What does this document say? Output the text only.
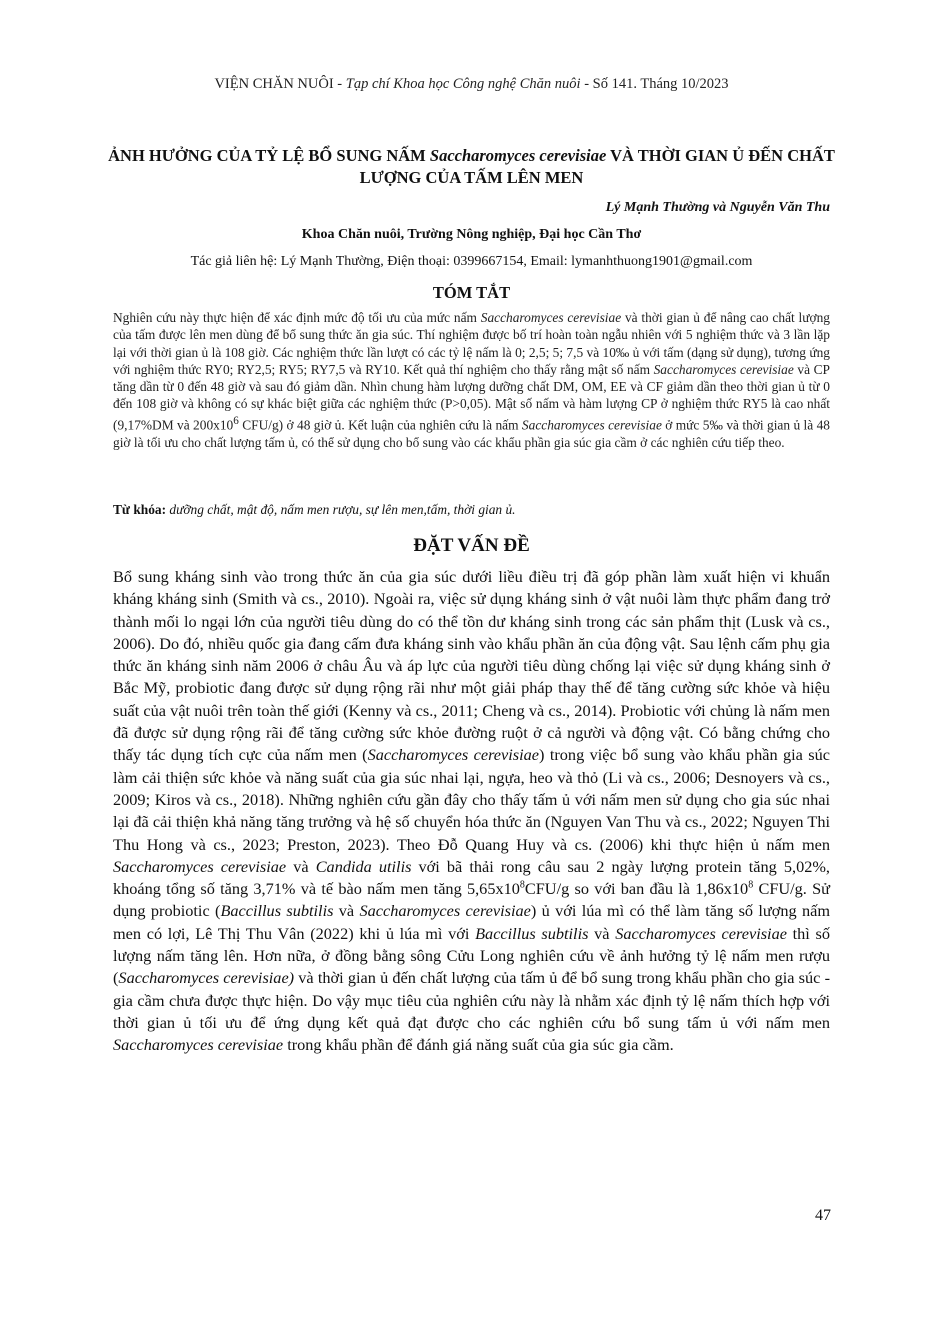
VIỆN CHĂN NUÔI - Tạp chí Khoa học Công nghệ Chăn nuôi - Số 141. Tháng 10/2023
ẢNH HƯỞNG CỦA TỶ LỆ BỔ SUNG NẤM Saccharomyces cerevisiae VÀ THỜI GIAN Ủ ĐẾN CHẤT LƯỢNG CỦA TẤM LÊN MEN
Lý Mạnh Thường và Nguyễn Văn Thu
Khoa Chăn nuôi, Trường Nông nghiệp, Đại học Cần Thơ
Tác giả liên hệ: Lý Mạnh Thường, Điện thoại: 0399667154, Email: lymanhthuong1901@gmail.com
TÓM TẮT

Nghiên cứu này thực hiện để xác định mức độ tối ưu của mức nấm Saccharomyces cerevisiae và thời gian ủ để nâng cao chất lượng của tấm được lên men dùng để bổ sung thức ăn gia súc. Thí nghiệm được bố trí hoàn toàn ngẫu nhiên với 5 nghiệm thức và 3 lần lặp lại với thời gian ủ là 108 giờ. Các nghiệm thức lần lượt có các tỷ lệ nấm là 0; 2,5; 5; 7,5 và 10‰ ủ với tấm (dạng sử dụng), tương ứng với nghiệm thức RY0; RY2,5; RY5; RY7,5 và RY10. Kết quả thí nghiệm cho thấy rằng mật số nấm Saccharomyces cerevisiae và CP tăng dần từ 0 đến 48 giờ và sau đó giảm dần. Nhìn chung hàm lượng dưỡng chất DM, OM, EE và CF giảm dần theo thời gian ủ từ 0 đến 108 giờ và không có sự khác biệt giữa các nghiệm thức (P>0,05). Mật số nấm và hàm lượng CP ở nghiệm thức RY5 là cao nhất (9,17%DM và $200x10^6$ CFU/g) ở 48 giờ ủ. Kết luận của nghiên cứu là nấm Saccharomyces cerevisiae ở mức 5‰ và thời gian ủ là 48 giờ là tối ưu cho chất lượng tấm ủ, có thể sử dụng cho bổ sung vào các khẩu phần gia súc gia cầm ở các nghiên cứu tiếp theo.

Từ khóa: dưỡng chất, mật độ, nấm men rượu, sự lên men,tấm, thời gian ủ.
ĐẶT VẤN ĐỀ

Bổ sung kháng sinh vào trong thức ăn của gia súc dưới liều điều trị đã góp phần làm xuất hiện vi khuẩn kháng kháng sinh (Smith và cs., 2010). Ngoài ra, việc sử dụng kháng sinh ở vật nuôi làm thực phẩm đang trở thành mối lo ngại lớn của người tiêu dùng do có thể tồn dư kháng sinh trong các sản phẩm thịt (Lusk và cs., 2006). Do đó, nhiều quốc gia đang cấm đưa kháng sinh vào khẩu phần ăn của động vật. Sau lệnh cấm phụ gia thức ăn kháng sinh năm 2006 ở châu Âu và áp lực của người tiêu dùng chống lại việc sử dụng kháng sinh ở Bắc Mỹ, probiotic đang được sử dụng rộng rãi như một giải pháp thay thế để tăng cường sức khỏe và hiệu suất của vật nuôi trên toàn thế giới (Kenny và cs., 2011; Cheng và cs., 2014). Probiotic với chủng là nấm men đã được sử dụng rộng rãi để tăng cường sức khỏe đường ruột ở cả người và động vật. Có bằng chứng cho thấy tác dụng tích cực của nấm men (Saccharomyces cerevisiae) trong việc bổ sung vào khẩu phần gia súc làm cải thiện sức khỏe và năng suất của gia súc nhai lại, ngựa, heo và thỏ (Li và cs., 2006; Desnoyers và cs., 2009; Kiros và cs., 2018). Những nghiên cứu gần đây cho thấy tấm ủ với nấm men sử dụng cho gia súc nhai lại đã cải thiện khả năng tăng trưởng và hệ số chuyển hóa thức ăn (Nguyen Van Thu và cs., 2022; Nguyen Thi Thu Hong và cs., 2023; Preston, 2023). Theo Đỗ Quang Huy và cs. (2006) khi thực hiện ủ nấm men Saccharomyces cerevisiae và Candida utilis với bã thải rong câu sau 2 ngày lượng protein tăng 5,02%, khoáng tổng số tăng 3,71% và tế bào nấm men tăng $5,65x10^8CFU/g$ so với ban đầu là $1,86x10^8$ CFU/g. Sử dụng probiotic (Baccillus subtilis và Saccharomyces cerevisiae) ủ với lúa mì có thể làm tăng số lượng nấm men có lợi, Lê Thị Thu Vân (2022) khi ủ lúa mì với Baccillus subtilis và Saccharomyces cerevisiae thì số lượng nấm tăng lên. Hơn nữa, ở đồng bằng sông Cửu Long nghiên cứu về ảnh hưởng tỷ lệ nấm men rượu (Saccharomyces cerevisiae) và thời gian ủ đến chất lượng của tấm ủ để bổ sung trong khẩu phần cho gia súc - gia cầm chưa được thực hiện. Do vậy mục tiêu của nghiên cứu này là nhằm xác định tỷ lệ nấm thích hợp với thời gian ủ tối ưu để ứng dụng kết quả đạt được cho các nghiên cứu bổ sung tấm ủ với nấm men Saccharomyces cerevisiae trong khẩu phần để đánh giá năng suất của gia súc gia cầm.

47
